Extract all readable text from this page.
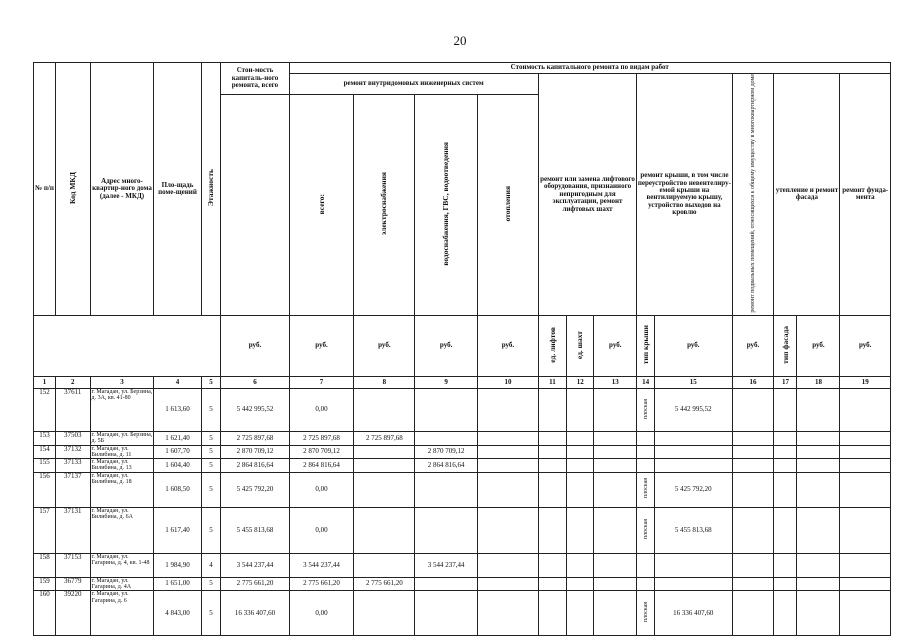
20
№ п/п	Код МКД	Адрес много-квартир-ного дома (далее - МКД)	Пло-щадь поме-щений	Этажность	Стои-мость капиталь-ного ремонта, всего	Стоимость капитального ремонта по видам работ												
						ремонт внутридомовых инженерных систем				ремонт или замена лифтового оборудования, признанного непригодным для эксплуатации, ремонт лифтовых шахт			ремонт крыши, в том числе переустройство невентелиру-емой крыши на вентилируемую крышу, устройство выходов на кровлю		ремонт подвальных помещений, относящихся к общему имуществу в многоквартирном доме	утепление и ремонт фасада		ремонт фунда-мента
						всего:	электроснабжения	водоснабжения, ГВС, водоотведения	отопления									
					руб.	руб.	руб.	руб.	руб.	ед. лифтов	ед. шахт	руб.	тип крыши	руб.	руб.	тип фасада	руб.	руб.
1	2	3	4	5	6	7	8	9	10	11	12	13	14	15	16	17	18	19
152	37611	г. Магадан, ул. Берзина, д. 3А, кв. 41-80	1 613,60	5	5 442 995,52	0,00							плоская	5 442 995,52				
153	37503	г. Магадан, ул. Берзина, д. 5Б	1 621,40	5	2 725 897,68	2 725 897,68	2 725 897,68											
154	37132	г. Магадан, ул. Билибина, д. 11	1 607,70	5	2 870 709,12	2 870 709,12		2 870 709,12										
155	37133	г. Магадан, ул. Билибина, д. 13	1 604,40	5	2 864 816,64	2 864 816,64		2 864 816,64										
156	37137	г. Магадан, ул. Билибина, д. 18	1 608,50	5	5 425 792,20	0,00							плоская	5 425 792,20				
157	37131	г. Магадан, ул. Билибина, д. 6А	1 617,40	5	5 455 813,68	0,00							плоская	5 455 813,68				
158	37153	г. Магадан, ул. Гагарина, д. 4, кв. 1-48	1 984,90	4	3 544 237,44	3 544 237,44		3 544 237,44										
159	36779	г. Магадан, ул. Гагарина, д. 4А	1 651,00	5	2 775 661,20	2 775 661,20	2 775 661,20											
160	39220	г. Магадан, ул. Гагарина, д. 6	4 843,00	5	16 336 407,60	0,00							плоская	16 336 407,60				
